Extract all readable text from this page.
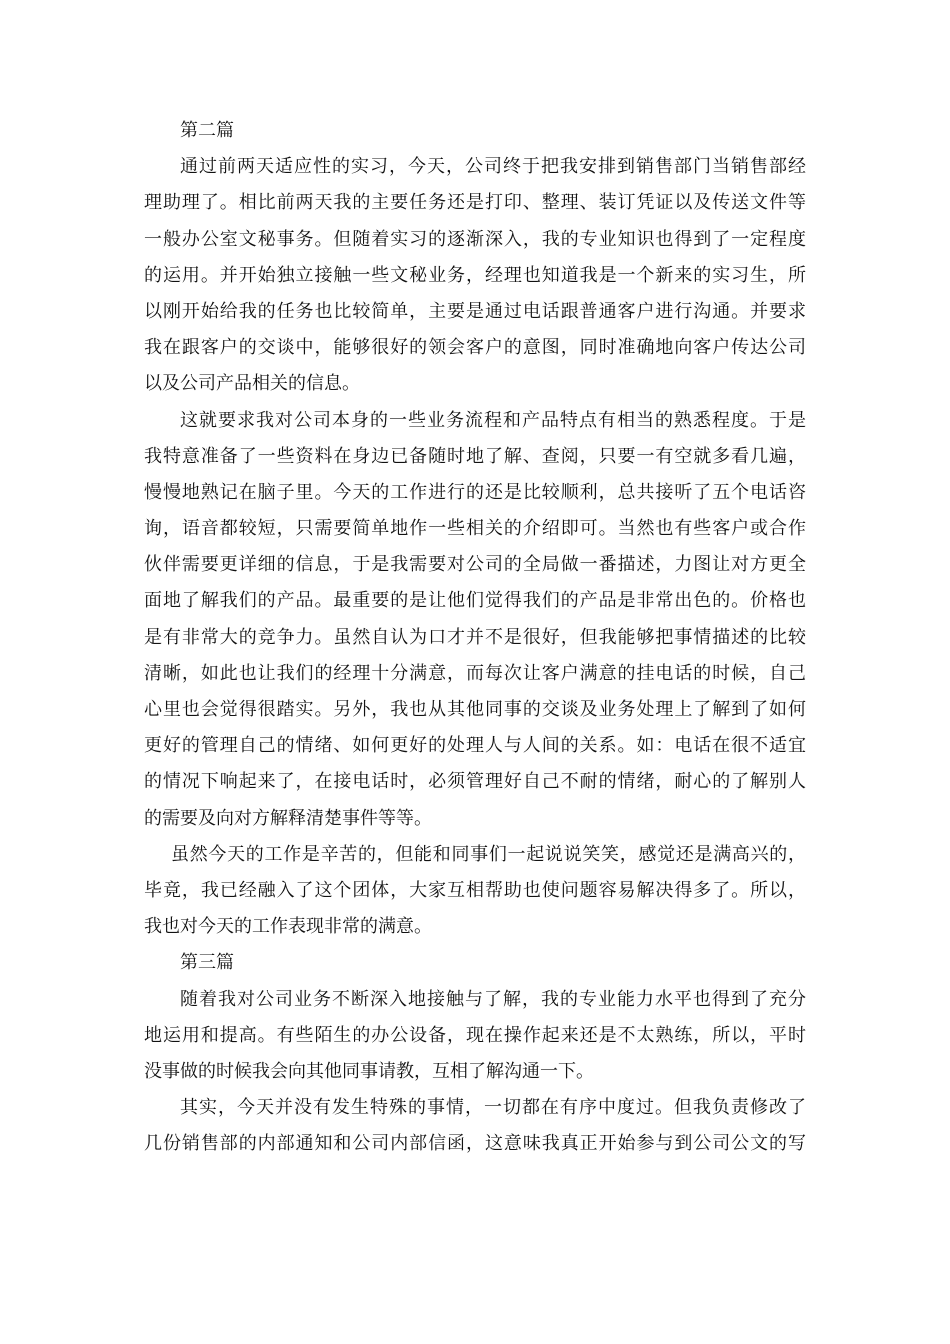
第二篇
通过前两天适应性的实习，今天，公司终于把我安排到销售部门当销售部经
理助理了。相比前两天我的主要任务还是打印、整理、装订凭证以及传送文件等
一般办公室文秘事务。但随着实习的逐渐深入，我的专业知识也得到了一定程度
的运用。并开始独立接触一些文秘业务，经理也知道我是一个新来的实习生，所
以刚开始给我的任务也比较简单，主要是通过电话跟普通客户进行沟通。并要求
我在跟客户的交谈中，能够很好的领会客户的意图，同时准确地向客户传达公司
以及公司产品相关的信息。
这就要求我对公司本身的一些业务流程和产品特点有相当的熟悉程度。于是
我特意准备了一些资料在身边已备随时地了解、查阅，只要一有空就多看几遍，
慢慢地熟记在脑子里。今天的工作进行的还是比较顺利，总共接听了五个电话咨
询，语音都较短，只需要简单地作一些相关的介绍即可。当然也有些客户或合作
伙伴需要更详细的信息，于是我需要对公司的全局做一番描述，力图让对方更全
面地了解我们的产品。最重要的是让他们觉得我们的产品是非常出色的。价格也
是有非常大的竞争力。虽然自认为口才并不是很好，但我能够把事情描述的比较
清晰，如此也让我们的经理十分满意，而每次让客户满意的挂电话的时候，自己
心里也会觉得很踏实。另外，我也从其他同事的交谈及业务处理上了解到了如何
更好的管理自己的情绪、如何更好的处理人与人间的关系。如：电话在很不适宜
的情况下响起来了，在接电话时，必须管理好自己不耐的情绪，耐心的了解别人
的需要及向对方解释清楚事件等等。
虽然今天的工作是辛苦的，但能和同事们一起说说笑笑，感觉还是满高兴的，
毕竟，我已经融入了这个团体，大家互相帮助也使问题容易解决得多了。所以，
我也对今天的工作表现非常的满意。
第三篇
随着我对公司业务不断深入地接触与了解，我的专业能力水平也得到了充分
地运用和提高。有些陌生的办公设备，现在操作起来还是不太熟练，所以，平时
没事做的时候我会向其他同事请教，互相了解沟通一下。
其实，今天并没有发生特殊的事情，一切都在有序中度过。但我负责修改了
几份销售部的内部通知和公司内部信函，这意味我真正开始参与到公司公文的写
